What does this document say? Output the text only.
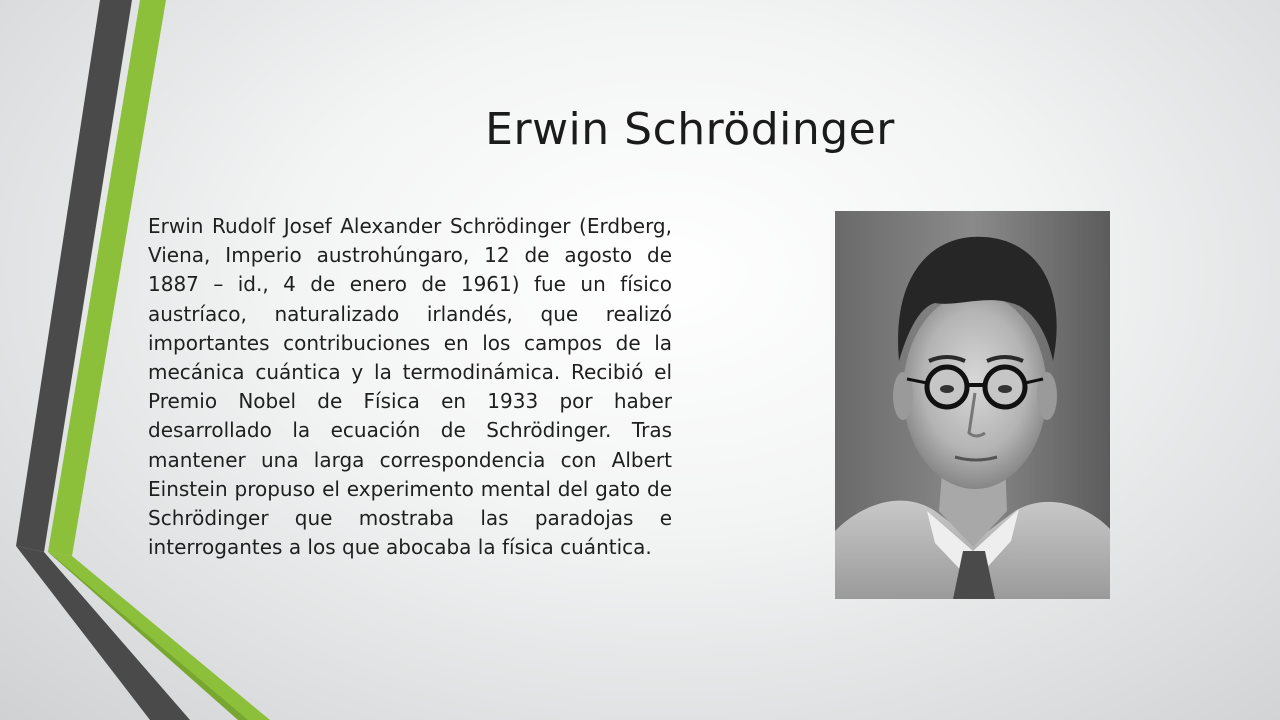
Erwin Schrödinger

Erwin Rudolf Josef Alexander Schrödinger (Erdberg, Viena, Imperio austrohúngaro, 12 de agosto de 1887 – id., 4 de enero de 1961) fue un físico austríaco, naturalizado irlandés, que realizó importantes contribuciones en los campos de la mecánica cuántica y la termodinámica. Recibió el Premio Nobel de Física en 1933 por haber desarrollado la ecuación de Schrödinger. Tras mantener una larga correspondencia con Albert Einstein propuso el experimento mental del gato de Schrödinger que mostraba las paradojas e interrogantes a los que abocaba la física cuántica.
